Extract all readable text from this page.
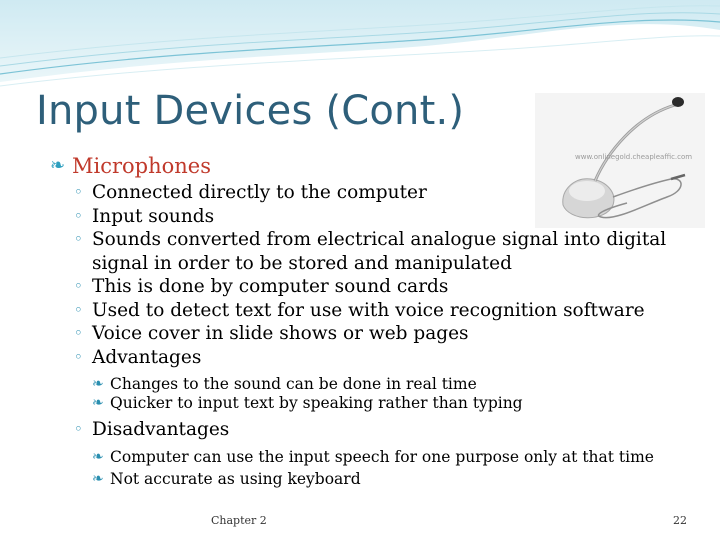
Input Devices (Cont.)
www.onlinegold.cheapleaffic.com
❧ Microphones
◦ Connected directly to the computer
◦ Input sounds
◦ Sounds converted from electrical analogue signal into digital signal in order to be stored and manipulated
◦ This is done by computer sound cards
◦ Used to detect text for use with voice recognition software
◦ Voice cover in slide shows or web pages
◦ Advantages
❧ Changes to the sound can be done in real time
❧ Quicker to input text by speaking rather than typing
◦ Disadvantages
❧ Computer can use the input speech for one purpose only at that time
❧ Not accurate as using keyboard
Chapter 2	22
